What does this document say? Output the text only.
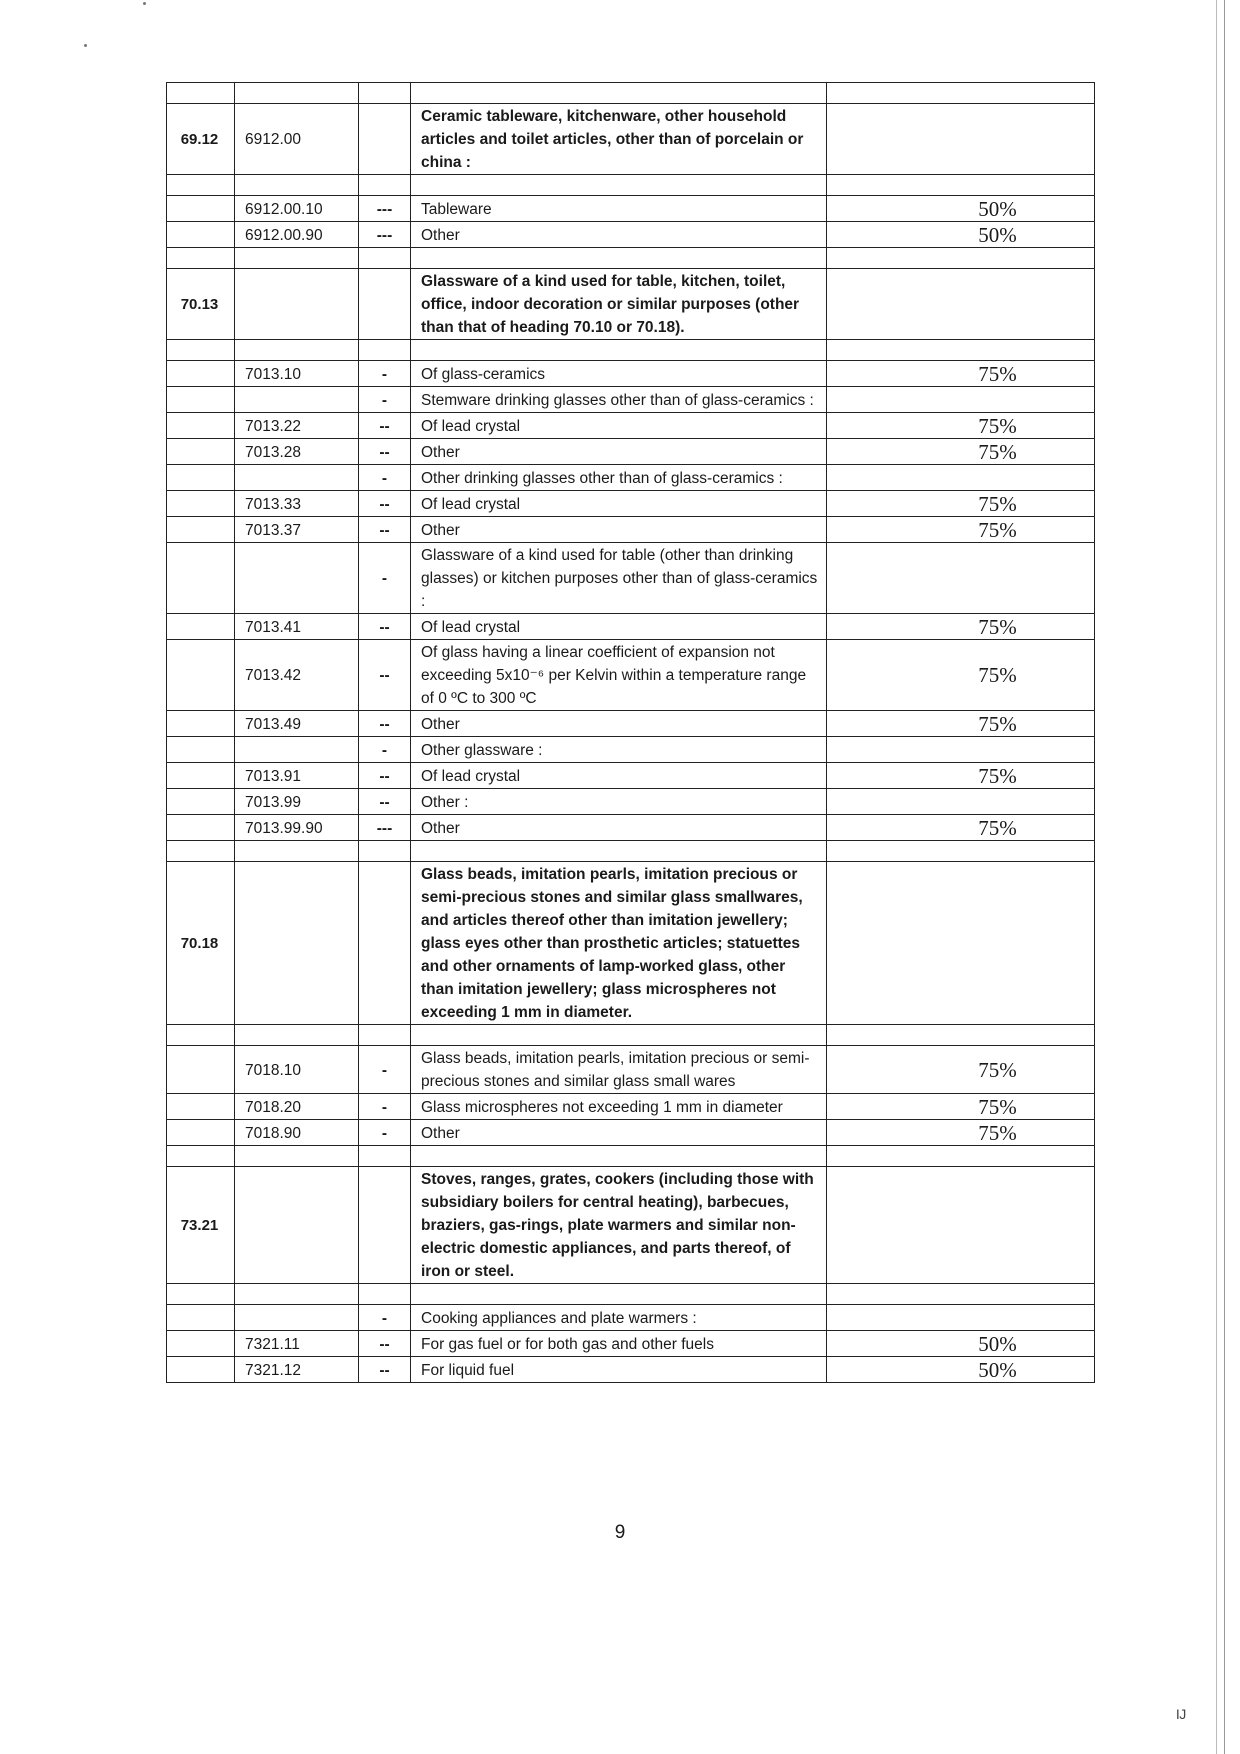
69.12	6912.00		Ceramic tableware, kitchenware, other household articles and toilet articles, other than of porcelain or china :	

	6912.00.10	---	Tableware	50%
	6912.00.90	---	Other	50%

70.13			Glassware of a kind used for table, kitchen, toilet, office, indoor decoration or similar purposes (other than that of heading 70.10 or 70.18).	

	7013.10	-	Of glass-ceramics	75%
		-	Stemware drinking glasses other than of glass-ceramics :	
	7013.22	--	Of lead crystal	75%
	7013.28	--	Other	75%
		-	Other drinking glasses other than of glass-ceramics :	
	7013.33	--	Of lead crystal	75%
	7013.37	--	Other	75%
		-	Glassware of a kind used for table (other than drinking glasses) or kitchen purposes other than of glass-ceramics :	
	7013.41	--	Of lead crystal	75%
	7013.42	--	Of glass having a linear coefficient of expansion not exceeding 5x10⁻⁶ per Kelvin within a temperature range of 0 ºC to 300 ºC	75%
	7013.49	--	Other	75%
		-	Other glassware :	
	7013.91	--	Of lead crystal	75%
	7013.99	--	Other :	
	7013.99.90	---	Other	75%

70.18			Glass beads, imitation pearls, imitation precious or semi-precious stones and similar glass smallwares, and articles thereof other than imitation jewellery; glass eyes other than prosthetic articles; statuettes and other ornaments of lamp-worked glass, other than imitation jewellery; glass microspheres not exceeding 1 mm in diameter.	

	7018.10	-	Glass beads, imitation pearls, imitation precious or semi-precious stones and similar glass small wares	75%
	7018.20	-	Glass microspheres not exceeding 1 mm in diameter	75%
	7018.90	-	Other	75%

73.21			Stoves, ranges, grates, cookers (including those with subsidiary boilers for central heating), barbecues, braziers, gas-rings, plate warmers and similar non-electric domestic appliances, and parts thereof, of iron or steel.	

		-	Cooking appliances and plate warmers :	
	7321.11	--	For gas fuel or for both gas and other fuels	50%
	7321.12	--	For liquid fuel	50%
9
Ĳ
